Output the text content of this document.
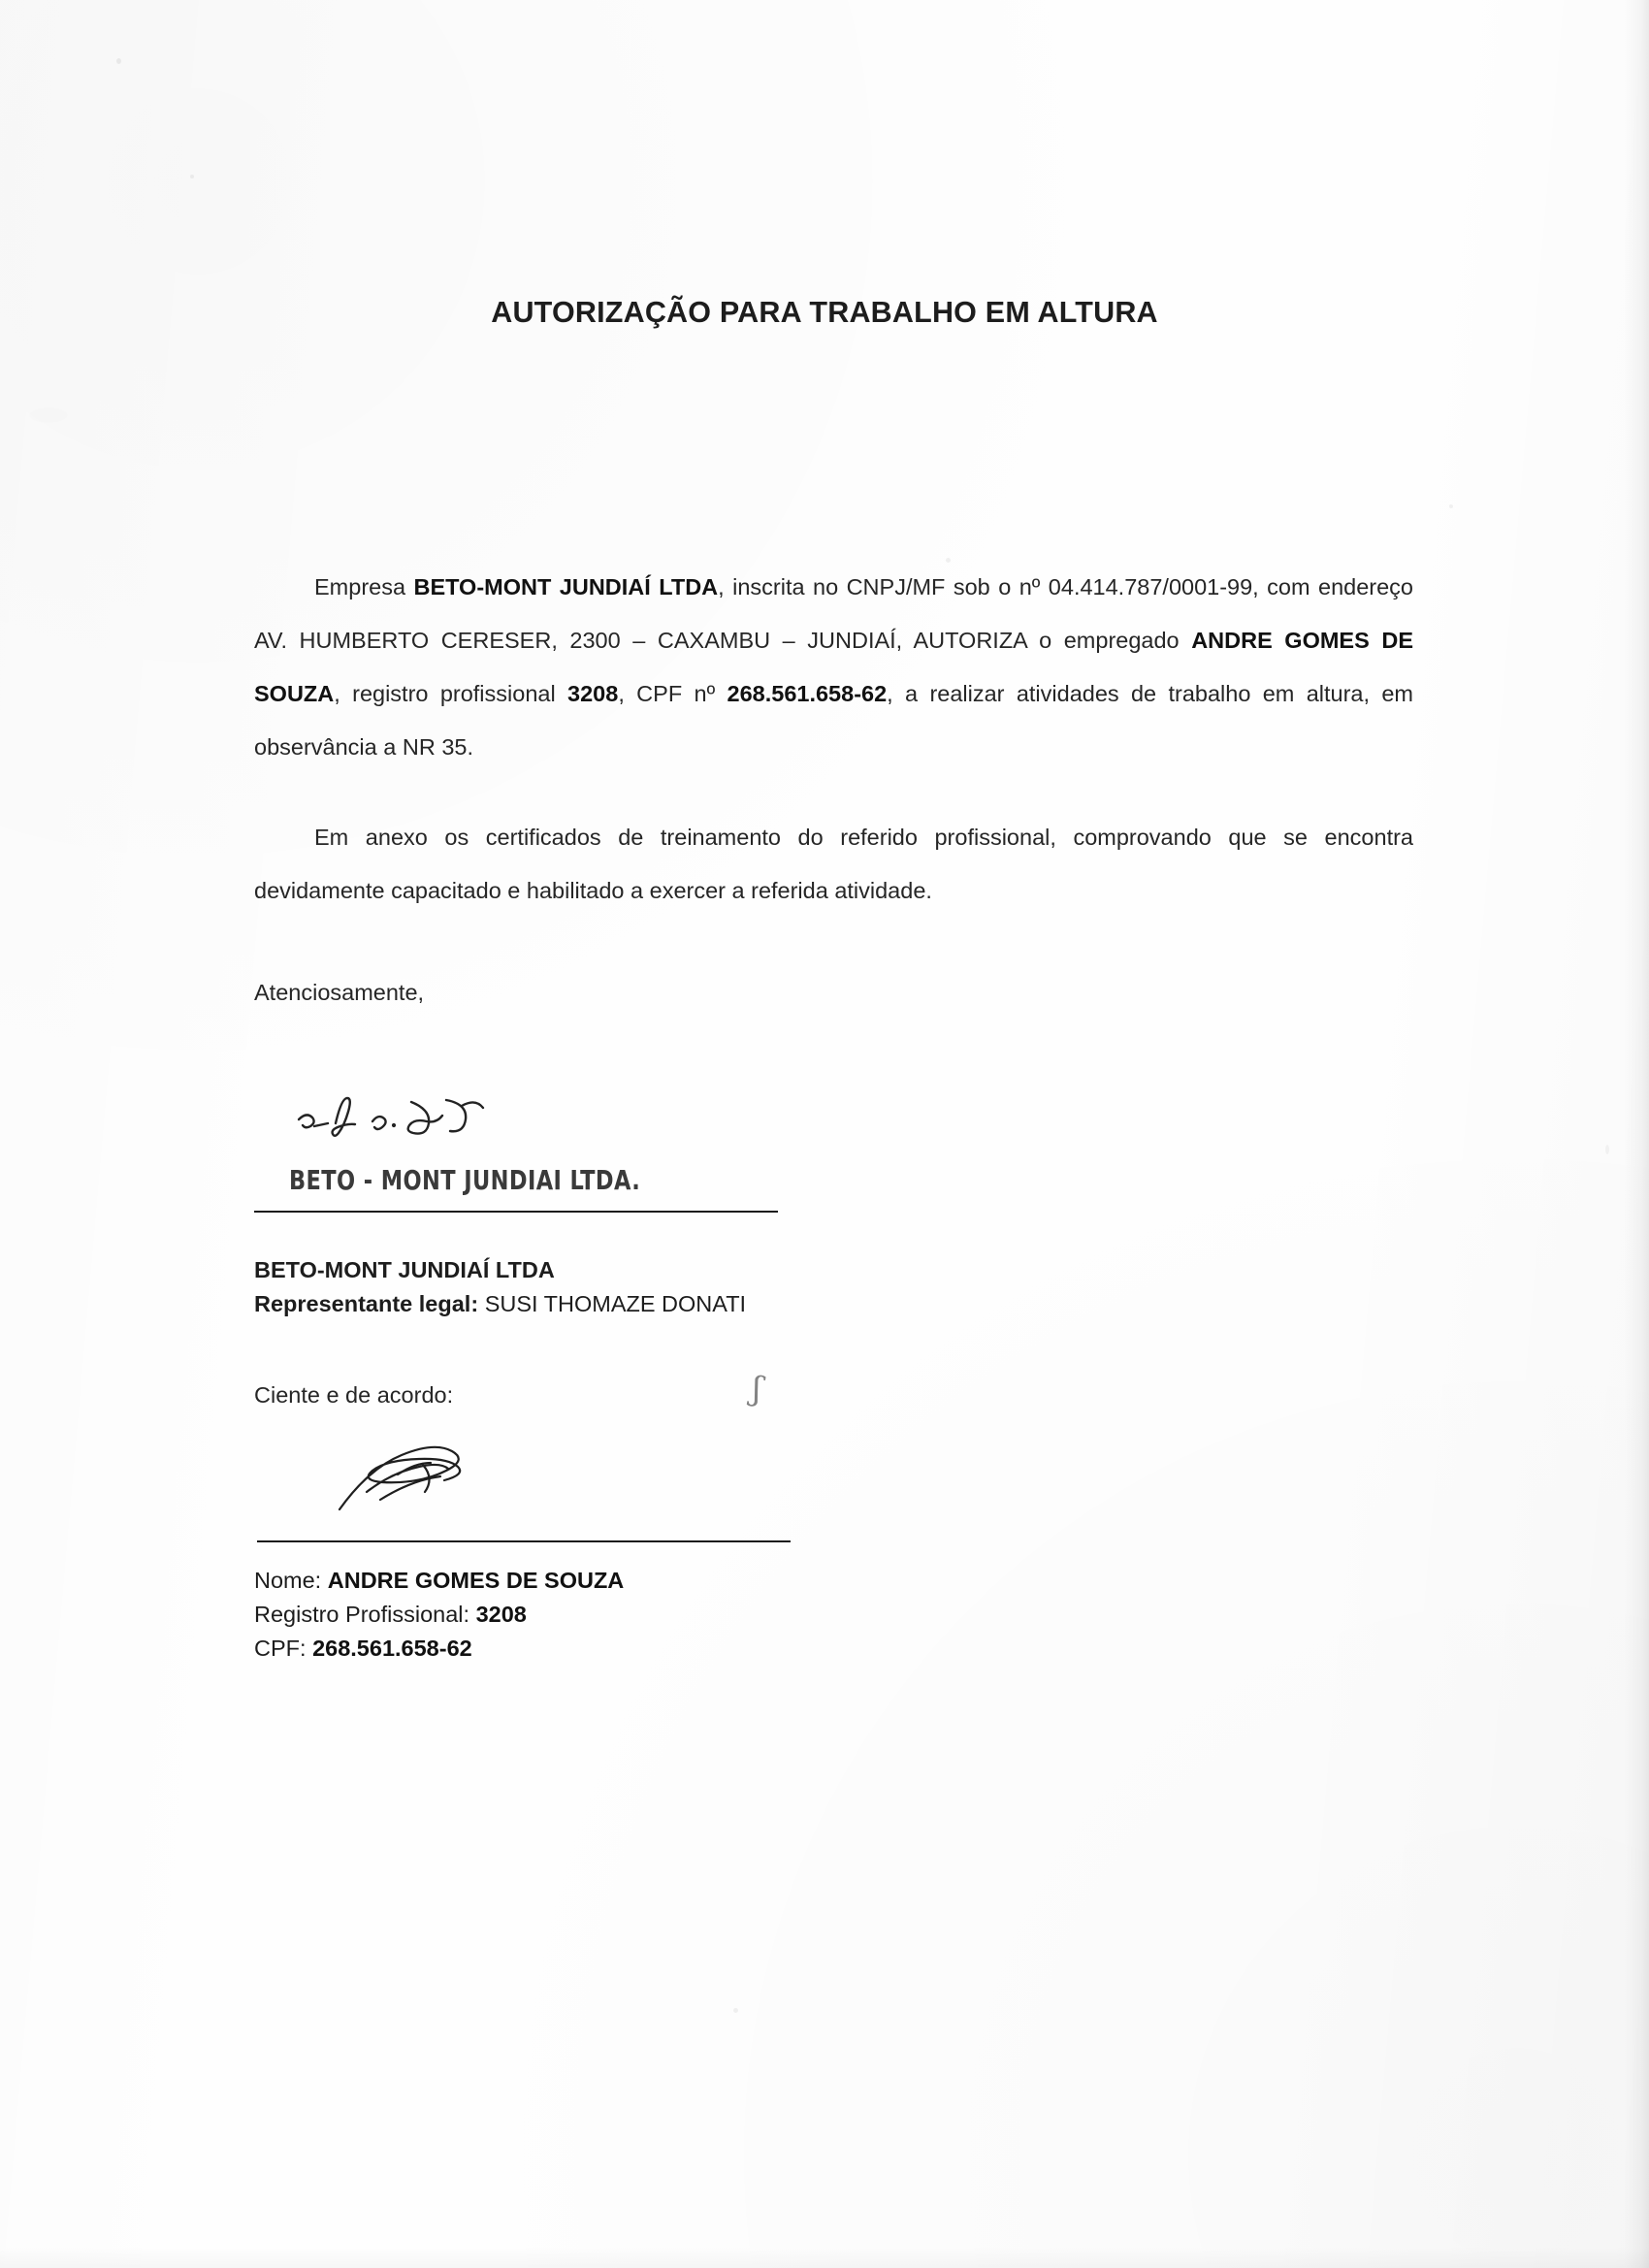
AUTORIZAÇÃO PARA TRABALHO EM ALTURA

Empresa BETO-MONT JUNDIAÍ LTDA, inscrita no CNPJ/MF sob o nº 04.414.787/0001-99, com endereço AV. HUMBERTO CERESER, 2300 – CAXAMBU – JUNDIAÍ, AUTORIZA o empregado ANDRE GOMES DE SOUZA, registro profissional 3208, CPF nº 268.561.658-62, a realizar atividades de trabalho em altura, em observância a NR 35.

Em anexo os certificados de treinamento do referido profissional, comprovando que se encontra devidamente capacitado e habilitado a exercer a referida atividade.

Atenciosamente,
BETO - MONT JUNDIAI LTDA.
BETO-MONT JUNDIAÍ LTDA
Representante legal: SUSI THOMAZE DONATI
Ciente e de acordo:	ʃ
Nome: ANDRE GOMES DE SOUZA
Registro Profissional: 3208
CPF: 268.561.658-62
